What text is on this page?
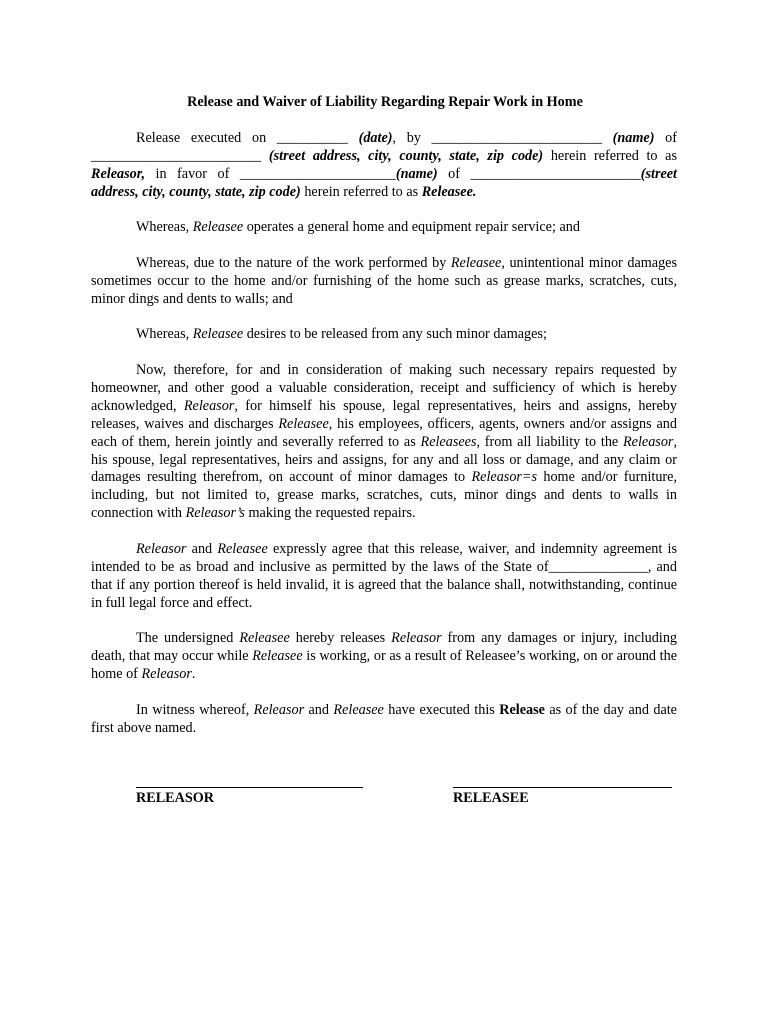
Release and Waiver of Liability Regarding Repair Work in Home

Release executed on __________ (date), by ________________________ (name) of ________________________ (street address, city, county, state, zip code) herein referred to as Releasor, in favor of ______________________(name) of ________________________(street address, city, county, state, zip code) herein referred to as Releasee.

Whereas, Releasee operates a general home and equipment repair service; and

Whereas, due to the nature of the work performed by Releasee, unintentional minor damages sometimes occur to the home and/or furnishing of the home such as grease marks, scratches, cuts, minor dings and dents to walls; and

Whereas, Releasee desires to be released from any such minor damages;

Now, therefore, for and in consideration of making such necessary repairs requested by homeowner, and other good a valuable consideration, receipt and sufficiency of which is hereby acknowledged, Releasor, for himself his spouse, legal representatives, heirs and assigns, hereby releases, waives and discharges Releasee, his employees, officers, agents, owners and/or assigns and each of them, herein jointly and severally referred to as Releasees, from all liability to the Releasor, his spouse, legal representatives, heirs and assigns, for any and all loss or damage, and any claim or damages resulting therefrom, on account of minor damages to Releasor=s home and/or furniture, including, but not limited to, grease marks, scratches, cuts, minor dings and dents to walls in connection with Releasor’s making the requested repairs.

Releasor and Releasee expressly agree that this release, waiver, and indemnity agreement is intended to be as broad and inclusive as permitted by the laws of the State of______________, and that if any portion thereof is held invalid, it is agreed that the balance shall, notwithstanding, continue in full legal force and effect.

The undersigned Releasee hereby releases Releasor from any damages or injury, including death, that may occur while Releasee is working, or as a result of Releasee’s working, on or around the home of Releasor.

In witness whereof, Releasor and Releasee have executed this Release as of the day and date first above named.

RELEASOR	RELEASEE
